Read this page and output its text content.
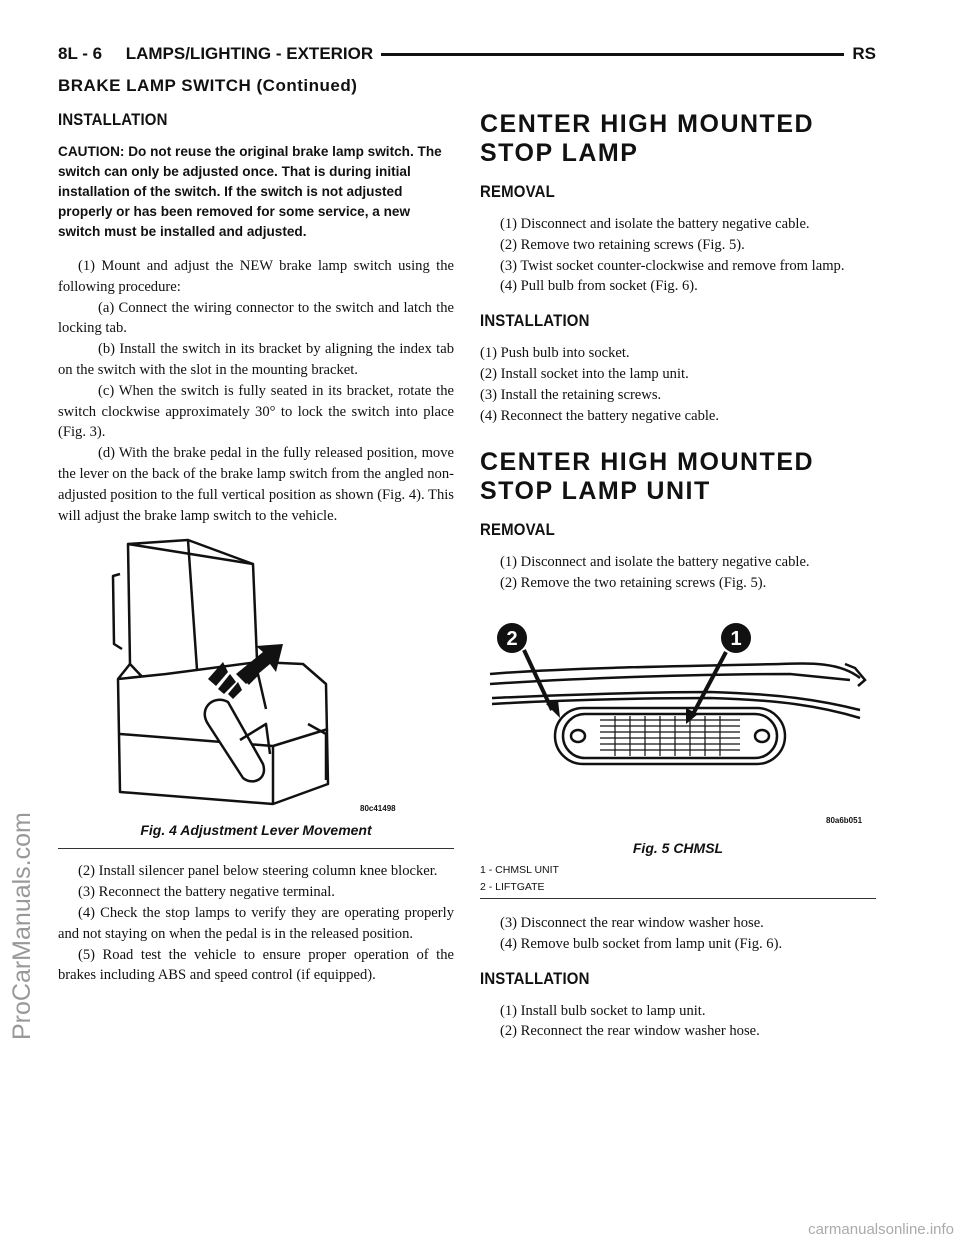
8L - 6     LAMPS/LIGHTING - EXTERIOR	RS
BRAKE LAMP SWITCH (Continued)
INSTALLATION
CAUTION: Do not reuse the original brake lamp switch. The switch can only be adjusted once. That is during initial installation of the switch. If the switch is not adjusted properly or has been removed for some service, a new switch must be installed and adjusted.

(1) Mount and adjust the NEW brake lamp switch using the following procedure:

(a) Connect the wiring connector to the switch and latch the locking tab.

(b) Install the switch in its bracket by aligning the index tab on the switch with the slot in the mounting bracket.

(c) When the switch is fully seated in its bracket, rotate the switch clockwise approximately 30° to lock the switch into place (Fig. 3).

(d) With the brake pedal in the fully released position, move the lever on the back of the brake lamp switch from the angled non-adjusted position to the full vertical position as shown (Fig. 4). This will adjust the brake lamp switch to the vehicle.

80c41498
Fig. 4 Adjustment Lever Movement

(2) Install silencer panel below steering column knee blocker.

(3) Reconnect the battery negative terminal.

(4) Check the stop lamps to verify they are operating properly and not staying on when the pedal is in the released position.

(5) Road test the vehicle to ensure proper operation of the brakes including ABS and speed control (if equipped).

CENTER HIGH MOUNTED STOP LAMP
REMOVAL

(1) Disconnect and isolate the battery negative cable.

(2) Remove two retaining screws (Fig. 5).

(3) Twist socket counter-clockwise and remove from lamp.

(4) Pull bulb from socket (Fig. 6).

INSTALLATION

(1) Push bulb into socket.

(2) Install socket into the lamp unit.

(3) Install the retaining screws.

(4) Reconnect the battery negative cable.

CENTER HIGH MOUNTED STOP LAMP UNIT
REMOVAL

(1) Disconnect and isolate the battery negative cable.

(2) Remove the two retaining screws (Fig. 5).

2	1
80a6b051
Fig. 5 CHMSL
1 - CHMSL UNIT
2 - LIFTGATE

(3) Disconnect the rear window washer hose.

(4) Remove bulb socket from lamp unit (Fig. 6).

INSTALLATION

(1) Install bulb socket to lamp unit.

(2) Reconnect the rear window washer hose.

ProCarManuals.com
carmanualsonline.info
